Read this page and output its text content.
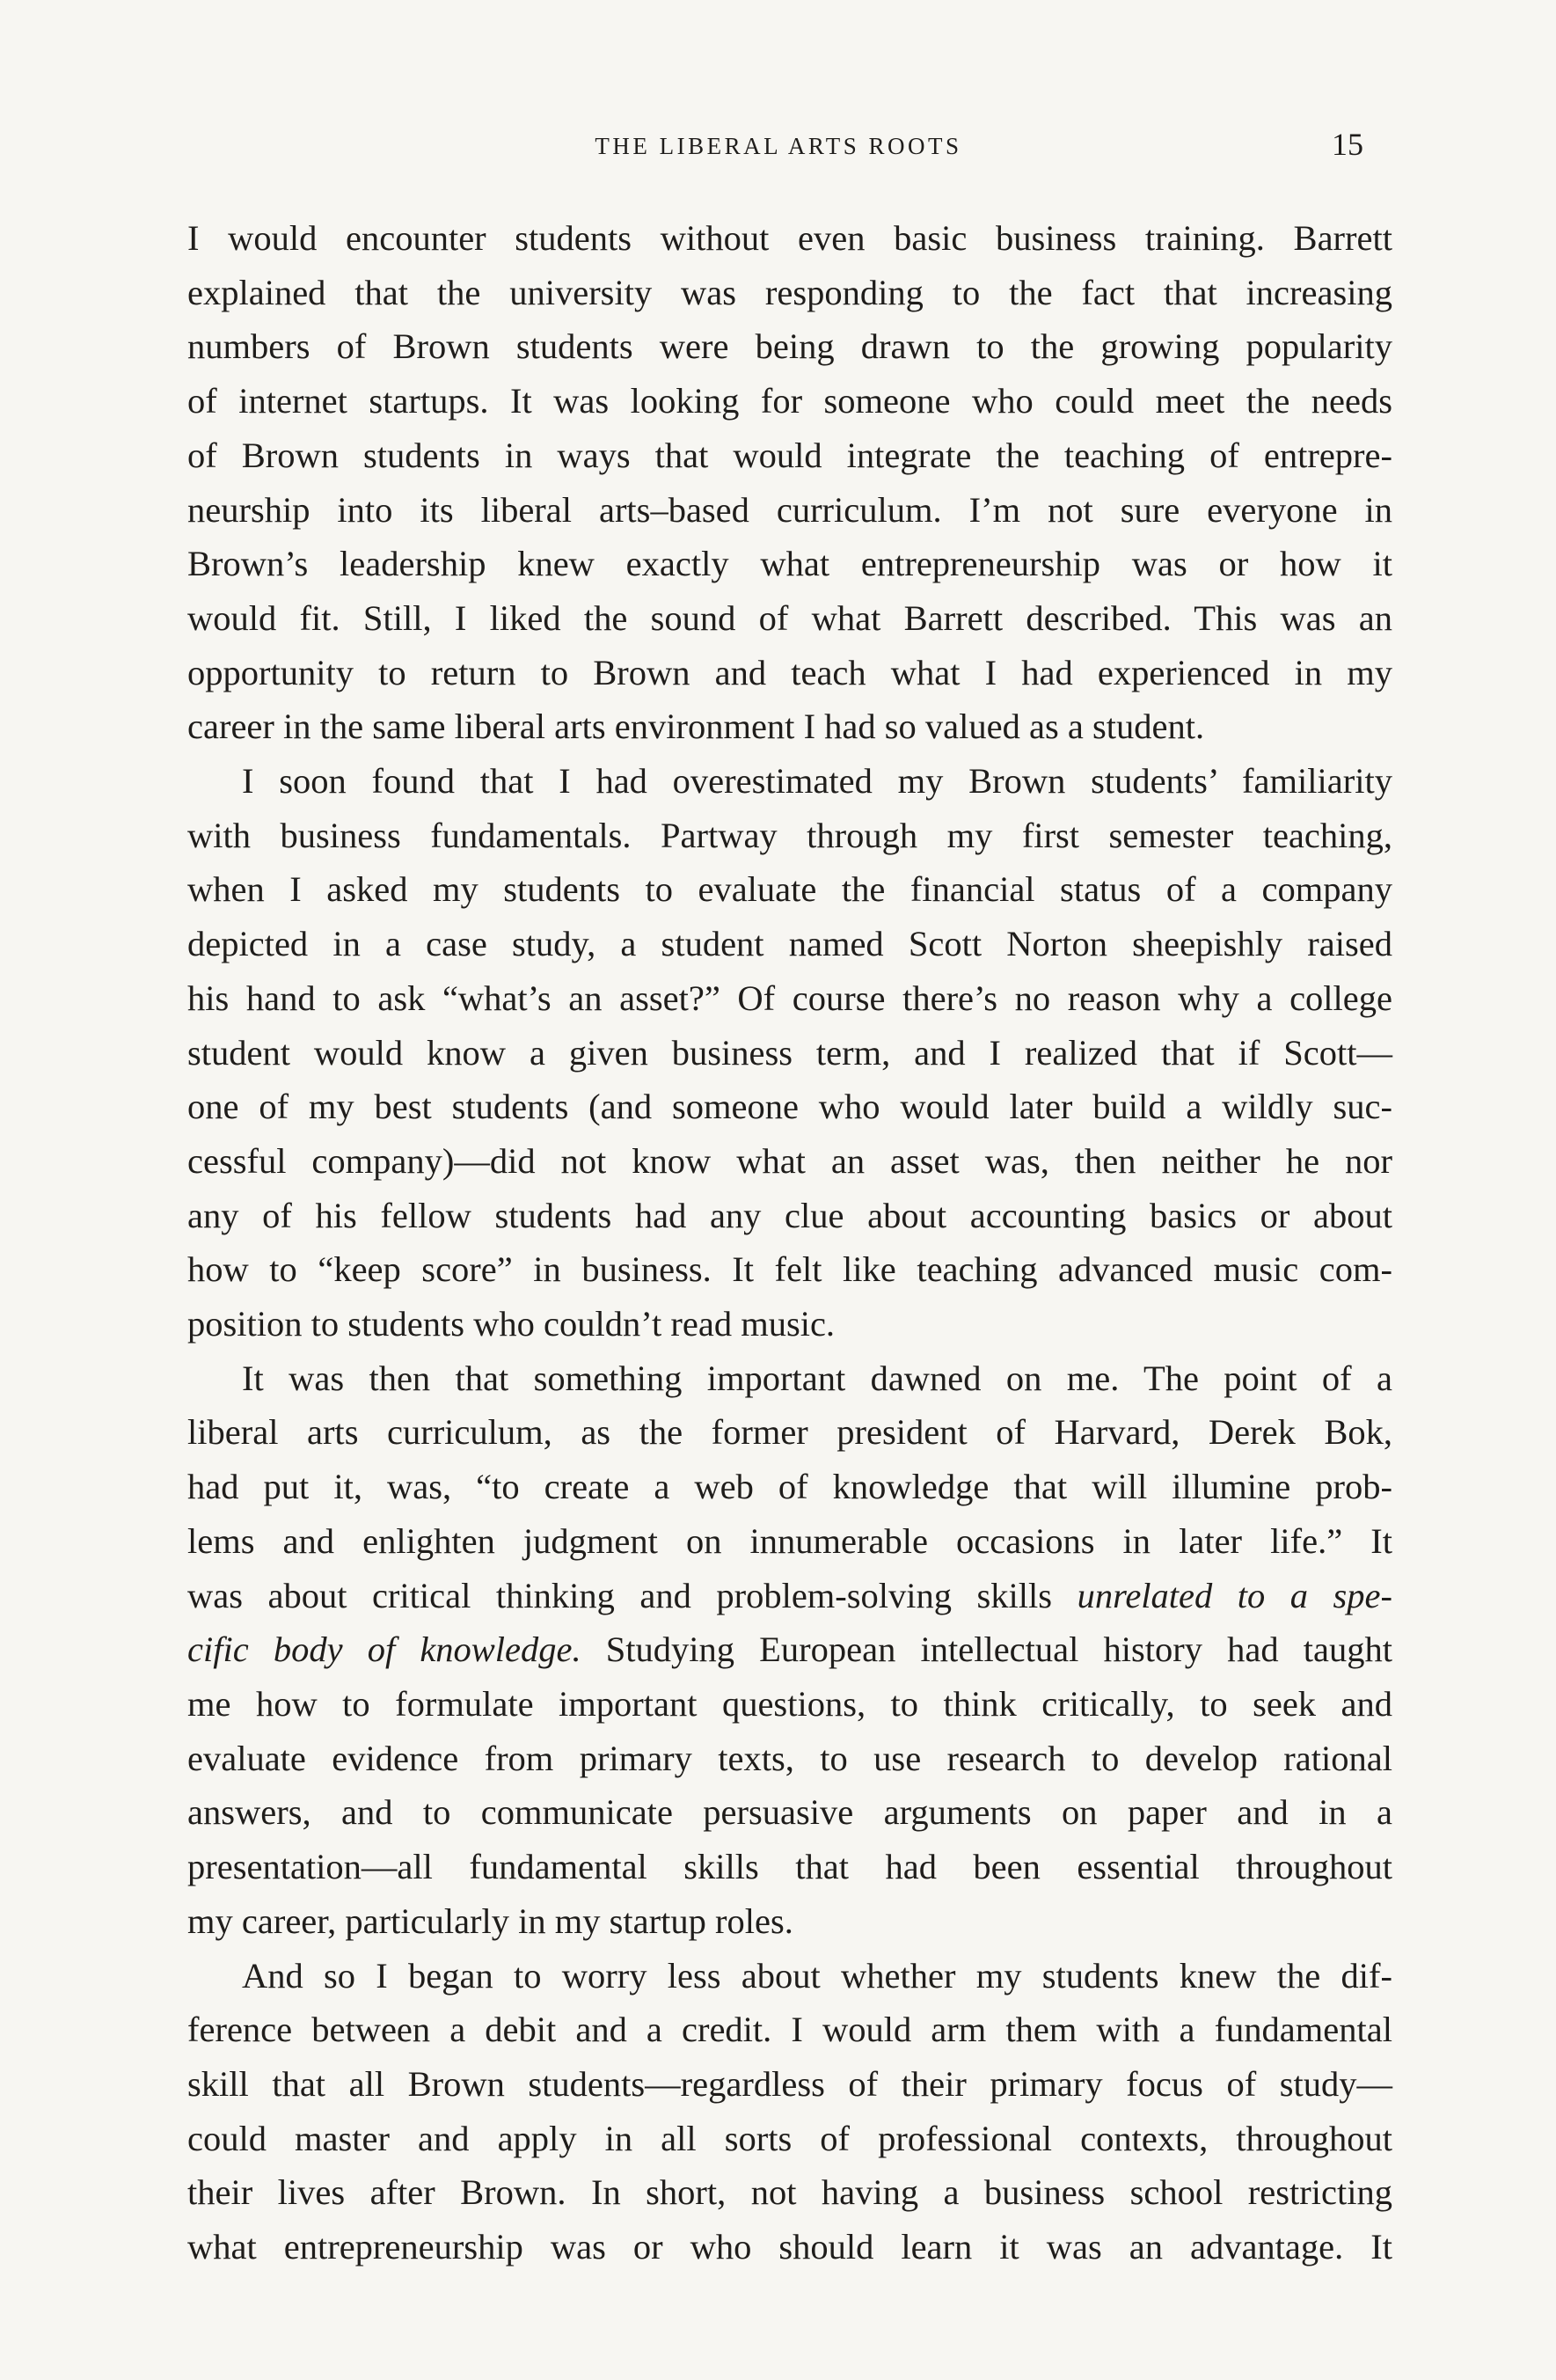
THE LIBERAL ARTS ROOTS	15
I would encounter students without even basic business training. Barrett
explained that the university was responding to the fact that increasing
numbers of Brown students were being drawn to the growing popularity
of internet startups. It was looking for someone who could meet the needs
of Brown students in ways that would integrate the teaching of entrepre-
neurship into its liberal arts–based curriculum. I’m not sure everyone in
Brown’s leadership knew exactly what entrepreneurship was or how it
would fit. Still, I liked the sound of what Barrett described. This was an
opportunity to return to Brown and teach what I had experienced in my
career in the same liberal arts environment I had so valued as a student.
I soon found that I had overestimated my Brown students’ familiarity
with business fundamentals. Partway through my first semester teaching,
when I asked my students to evaluate the financial status of a company
depicted in a case study, a student named Scott Norton sheepishly raised
his hand to ask “what’s an asset?” Of course there’s no reason why a college
student would know a given business term, and I realized that if Scott—
one of my best students (and someone who would later build a wildly suc-
cessful company)—did not know what an asset was, then neither he nor
any of his fellow students had any clue about accounting basics or about
how to “keep score” in business. It felt like teaching advanced music com-
position to students who couldn’t read music.
It was then that something important dawned on me. The point of a
liberal arts curriculum, as the former president of Harvard, Derek Bok,
had put it, was, “to create a web of knowledge that will illumine prob-
lems and enlighten judgment on innumerable occasions in later life.” It
was about critical thinking and problem-solving skills unrelated to a spe-
cific body of knowledge. Studying European intellectual history had taught
me how to formulate important questions, to think critically, to seek and
evaluate evidence from primary texts, to use research to develop rational
answers, and to communicate persuasive arguments on paper and in a
presentation—all fundamental skills that had been essential throughout
my career, particularly in my startup roles.
And so I began to worry less about whether my students knew the dif-
ference between a debit and a credit. I would arm them with a fundamental
skill that all Brown students—regardless of their primary focus of study—
could master and apply in all sorts of professional contexts, throughout
their lives after Brown. In short, not having a business school restricting
what entrepreneurship was or who should learn it was an advantage. It
